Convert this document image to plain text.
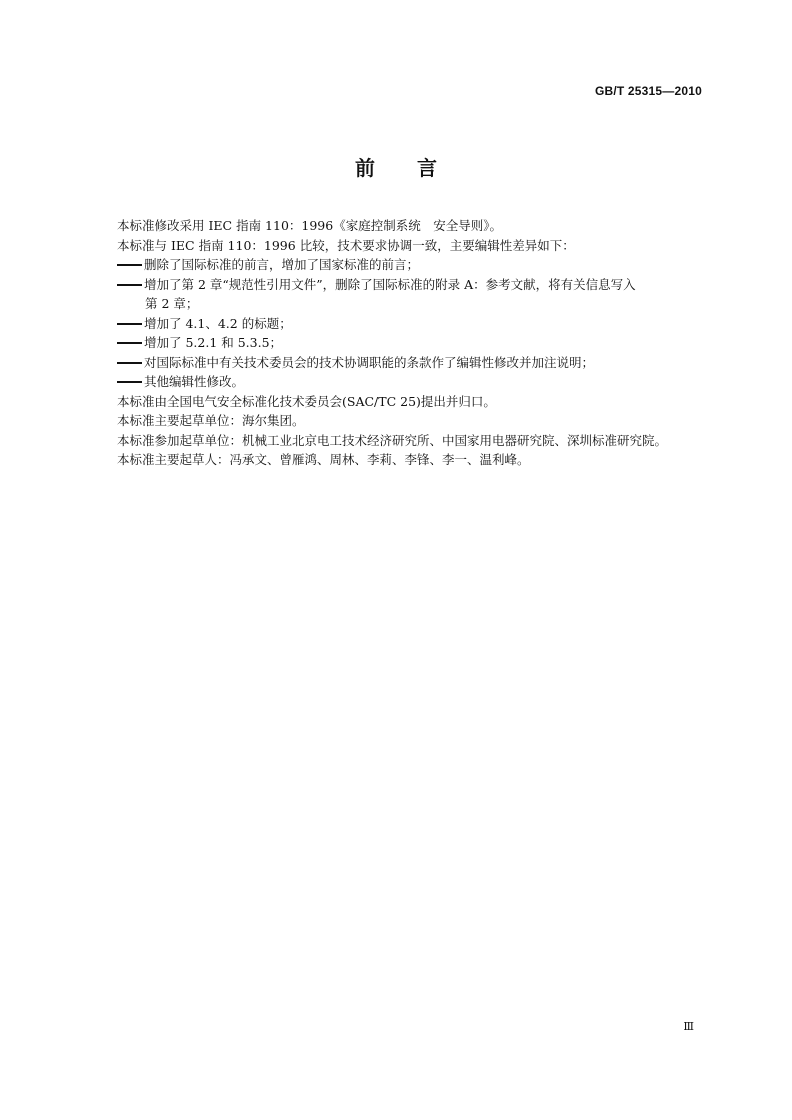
GB/T 25315—2010
前言

本标准修改采用 IEC 指南 110：1996《家庭控制系统　安全导则》。

本标准与 IEC 指南 110：1996 比较，技术要求协调一致，主要编辑性差异如下：

删除了国际标准的前言，增加了国家标准的前言；
增加了第 2 章“规范性引用文件”，删除了国际标准的附录 A：参考文献，将有关信息写入

第 2 章；

增加了 4.1、4.2 的标题；
增加了 5.2.1 和 5.3.5；
对国际标准中有关技术委员会的技术协调职能的条款作了编辑性修改并加注说明；
其他编辑性修改。

本标准由全国电气安全标准化技术委员会(SAC/TC 25)提出并归口。

本标准主要起草单位：海尔集团。

本标准参加起草单位：机械工业北京电工技术经济研究所、中国家用电器研究院、深圳标准研究院。

本标准主要起草人：冯承文、曾雁鸿、周林、李莉、李锋、李一、温利峰。

Ⅲ
